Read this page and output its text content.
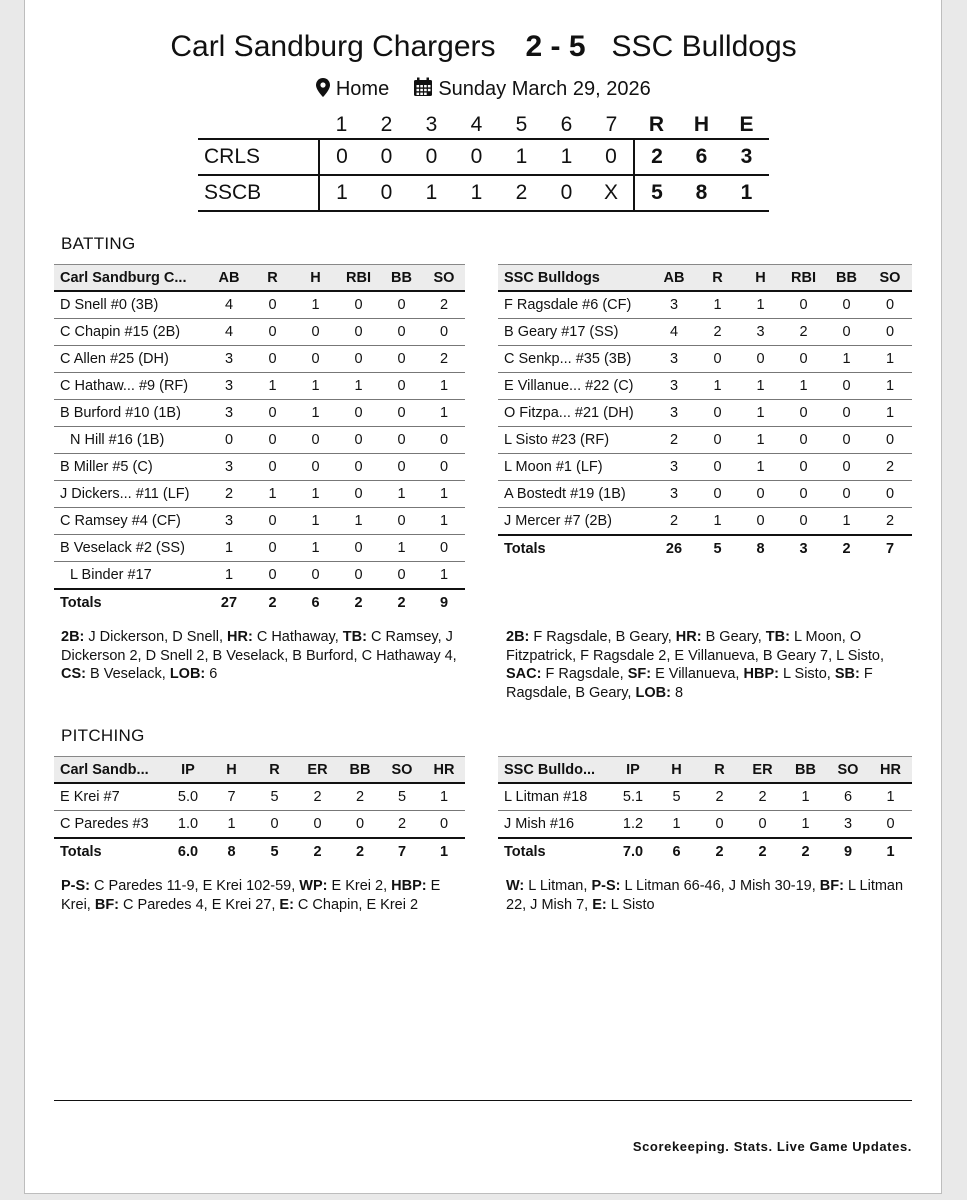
Carl Sandburg Chargers 2 - 5 SSC Bulldogs
Home Sunday March 29, 2026
	1	2	3	4	5	6	7	R	H	E
CRLS	0	0	0	0	1	1	0	2	6	3
SSCB	1	0	1	1	2	0	X	5	8	1
BATTING
Carl Sandburg C...	AB	R	H	RBI	BB	SO
D Snell #0 (3B)	4	0	1	0	0	2
C Chapin #15 (2B)	4	0	0	0	0	0
C Allen #25 (DH)	3	0	0	0	0	2
C Hathaw... #9 (RF)	3	1	1	1	0	1
B Burford #10 (1B)	3	0	1	0	0	1
N Hill #16 (1B)	0	0	0	0	0	0
B Miller #5 (C)	3	0	0	0	0	0
J Dickers... #11 (LF)	2	1	1	0	1	1
C Ramsey #4 (CF)	3	0	1	1	0	1
B Veselack #2 (SS)	1	0	1	0	1	0
L Binder #17	1	0	0	0	0	1
Totals	27	2	6	2	2	9
SSC Bulldogs	AB	R	H	RBI	BB	SO
F Ragsdale #6 (CF)	3	1	1	0	0	0
B Geary #17 (SS)	4	2	3	2	0	0
C Senkp... #35 (3B)	3	0	0	0	1	1
E Villanue... #22 (C)	3	1	1	1	0	1
O Fitzpa... #21 (DH)	3	0	1	0	0	1
L Sisto #23 (RF)	2	0	1	0	0	0
L Moon #1 (LF)	3	0	1	0	0	2
A Bostedt #19 (1B)	3	0	0	0	0	0
J Mercer #7 (2B)	2	1	0	0	1	2
Totals	26	5	8	3	2	7
2B: J Dickerson, D Snell, HR: C Hathaway, TB: C Ramsey, J Dickerson 2, D Snell 2, B Veselack, B Burford, C Hathaway 4, CS: B Veselack, LOB: 6
2B: F Ragsdale, B Geary, HR: B Geary, TB: L Moon, O Fitzpatrick, F Ragsdale 2, E Villanueva, B Geary 7, L Sisto, SAC: F Ragsdale, SF: E Villanueva, HBP: L Sisto, SB: F Ragsdale, B Geary, LOB: 8
PITCHING
Carl Sandb...	IP	H	R	ER	BB	SO	HR
E Krei #7	5.0	7	5	2	2	5	1
C Paredes #3	1.0	1	0	0	0	2	0
Totals	6.0	8	5	2	2	7	1
SSC Bulldo...	IP	H	R	ER	BB	SO	HR
L Litman #18	5.1	5	2	2	1	6	1
J Mish #16	1.2	1	0	0	1	3	0
Totals	7.0	6	2	2	2	9	1
P-S: C Paredes 11-9, E Krei 102-59, WP: E Krei 2, HBP: E Krei, BF: C Paredes 4, E Krei 27, E: C Chapin, E Krei 2
W: L Litman, P-S: L Litman 66-46, J Mish 30-19, BF: L Litman 22, J Mish 7, E: L Sisto
Scorekeeping. Stats. Live Game Updates.
